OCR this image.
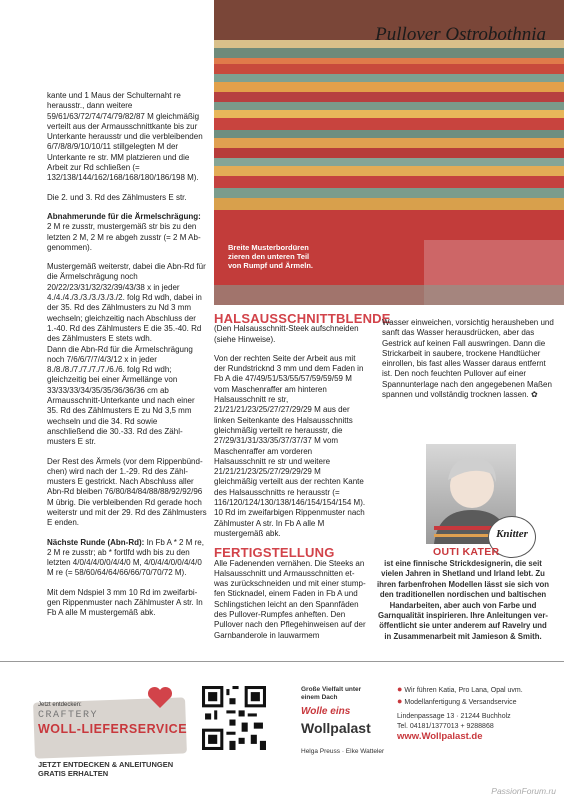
Pullover Ostrobothnia
Breite Musterbordüren zieren den unteren Teil von Rumpf und Ärmeln.

kante und 1 Maus der Schulternaht re herausstr., dann weitere 59/61/63/72/74/74/79/82/87 M gleichmäßig verteilt aus der Armausschnittkante bis zur Unterkante herausstr und die verbleibenden 6/7/8/8/9/10/10/11 stillgelegten M der Unterkante re str. MM platzieren und die Arbeit zur Rd schließen (= 132/138/144/162/168/168/180/186/198 M).

Die 2. und 3. Rd des Zählmusters E str.

Abnahmerunde für die Ärmelschrägung:
2 M re zusstr, mustergemäß str bis zu den letzten 2 M, 2 M re abgeh zusstr (= 2 M Abgenommen).

Mustergemäß weiterstr, dabei die Abn-Rd für die Ärmelschrägung noch 20/22/23/31/32/32/39/43/38 x in jeder 4./4./4./3./3./3./3./3./2. folg Rd wdh, dabei in der 35. Rd des Zählmusters zu Nd 3 mm wechseln; gleichzeitig nach Abschluss der 1.-40. Rd des Zählmusters E die 35.-40. Rd des Zählmusters E stets wdh.

Dann die Abn-Rd für die Ärmelschrägung noch 7/6/6/7/7/4/3/12 x in jeder 8./8./8./7./7./7./7./6./6. folg Rd wdh; gleichzeitig bei einer Ärmellänge von 33/33/33/34/35/35/36/36/36 cm ab Armausschnitt-Unterkante und nach einer 35. Rd des Zählmusters E zu Nd 3,5 mm wechseln und die 34. Rd sowie anschließend die 30.-33. Rd des Zählmusters E str.

Der Rest des Ärmels (vor dem Rippenbündchen) wird nach der 1.-29. Rd des Zählmusters E gestrickt. Nach Abschluss aller Abn-Rd bleiben 76/80/84/84/88/88/92/92/96 M übrig. Die verbleibenden Rd gerade hoch weiterstr und mit der 29. Rd des Zählmusters E enden.

Nächste Runde (Abn-Rd): In Fb A * 2 M re, 2 M re zusstr; ab * fortlfd wdh bis zu den letzten 4/0/4/4/0/0/4/4/0 M, 4/0/4/4/0/0/4/4/0 M re (= 58/60/64/64/66/66/70/70/72 M).

Mit dem Ndspiel 3 mm 10 Rd im zweifarbigen Rippenmuster nach Zählmuster A str. In Fb A alle M mustergemäß abk.

HALSAUSSCHNITTBLENDE

(Den Halsausschnitt-Steek aufschneiden (siehe Hinweise).

Von der rechten Seite der Arbeit aus mit der Rundstricknd 3 mm und dem Faden in Fb A die 47/49/51/53/55/57/59/59/59 M vom Maschenraffer am hinteren Halsausschnitt re str, 21/21/21/23/25/27/27/29/29 M aus der linken Seitenkante des Halsausschnitts gleichmäßig verteilt re herausstr, die 27/29/31/31/33/35/37/37/37 M vom Maschenraffer am vorderen Halsausschnitt re str und weitere 21/21/21/23/25/27/29/29/29 M gleichmäßig verteilt aus der rechten Kante des Halsausschnitts re herausstr (= 116/120/124/130/138/146/154/154/154 M). 10 Rd im zweifarbigen Rippenmuster nach Zählmuster A str. In Fb A alle M mustergemäß abk.

FERTIGSTELLUNG

Alle Fadenenden vernähen. Die Steeks an Halsausschnitt und Armausschnitten etwas zurückschneiden und mit einer stumpfen Sticknadel, einem Faden in Fb A und Schlingstichen leicht an den Spannfäden des Pullover-Rumpfes anheften. Den Pullover nach den Pflegehinweisen auf der Garnbanderole in lauwarmem

Wasser einweichen, vorsichtig herausheben und sanft das Wasser herausdrücken, aber das Gestrick auf keinen Fall auswringen. Dann die Strickarbeit in saubere, trockene Handtücher einrollen, bis fast alles Wasser daraus entfernt ist. Den noch feuchten Pullover auf einer Spannunterlage nach den angegebenen Maßen spannen und vollständig trocknen lassen. ✿

Knitter
OUTI KATER
ist eine finnische Strickdesignerin, die seit vielen Jahren in Shetland und Irland lebt. Zu ihren farbenfrohen Modellen lässt sie sich von den traditionellen nordischen und baltischen Handarbeiten, aber auch von Farbe und Garnqualität inspirieren. Ihre Anleitungen veröffentlicht sie unter anderem auf Ravelry und in Zusammenarbeit mit Jamieson & Smith.
Jetzt entdecken:
CRAFTERY
WOLL-LIEFERSERVICE
JETZT ENTDECKEN & ANLEITUNGEN
GRATIS ERHALTEN
Große Vielfalt unter
einem Dach
Wolle eins
Wollpalast
Helga Preuss · Elke Watteler
● Wir führen Katia, Pro Lana, Opal uvm.
● Modellanfertigung & Versandservice
Lindenpassage 13 · 21244 Buchholz
Tel. 04181/1377013 + 9288868
www.Wollpalast.de
PassionForum.ru
